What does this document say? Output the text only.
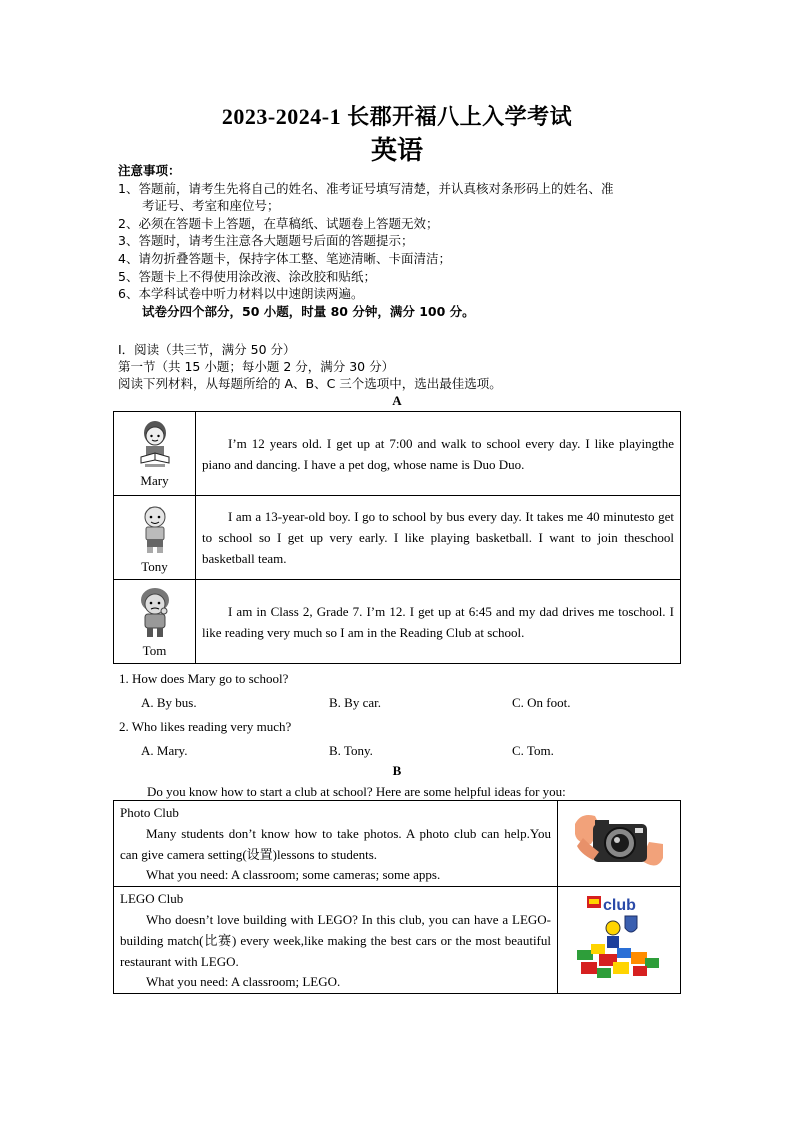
2023-2024-1 长郡开福八上入学考试
英语
注意事项：
1、答题前，请考生先将自己的姓名、准考证号填写清楚，并认真核对条形码上的姓名、准
考证号、考室和座位号；
2、必须在答题卡上答题，在草稿纸、试题卷上答题无效；
3、答题时，请考生注意各大题题号后面的答题提示；
4、请勿折叠答题卡，保持字体工整、笔迹清晰、卡面清洁；
5、答题卡上不得使用涂改液、涂改胶和贴纸；
6、本学科试卷中听力材料以中速朗读两遍。
试卷分四个部分，50 小题，时量 80 分钟，满分 100 分。
I．阅读（共三节，满分 50 分）
第一节（共 15 小题；每小题 2 分，满分 30 分）
阅读下列材料，从每题所给的 A、B、C 三个选项中，选出最佳选项。
A
Mary	I’m 12 years old. I get up at 7:00 and walk to school every day. I like playingthe piano and dancing. I have a pet dog, whose name is Duo Duo.

Tony	I am a 13-year-old boy. I go to school by bus every day. It takes me 40 minutesto get to school so I get up very early. I like playing basketball. I want to join theschool basketball team.

Tom	I am in Class 2, Grade 7. I’m 12. I get up at 6:45 and my dad drives me toschool. I like reading very much so I am in the Reading Club at school.
1. How does Mary go to school?
A. By bus.	B. By car.	C. On foot.
2. Who likes reading very much?
A. Mary.	B. Tony.	C. Tom.
B
Do you know how to start a club at school? Here are some helpful ideas for you:
Photo Club
Many students don’t know how to take photos. A photo club can help.You can give camera setting(设置)lessons to students.
What you need: A classroom; some cameras; some apps.

LEGO Club
Who doesn’t love building with LEGO? In this club, you can have a LEGO-building match(比赛) every week,like making the best cars or the most beautiful restaurant with LEGO.
What you need: A classroom; LEGO.	club
